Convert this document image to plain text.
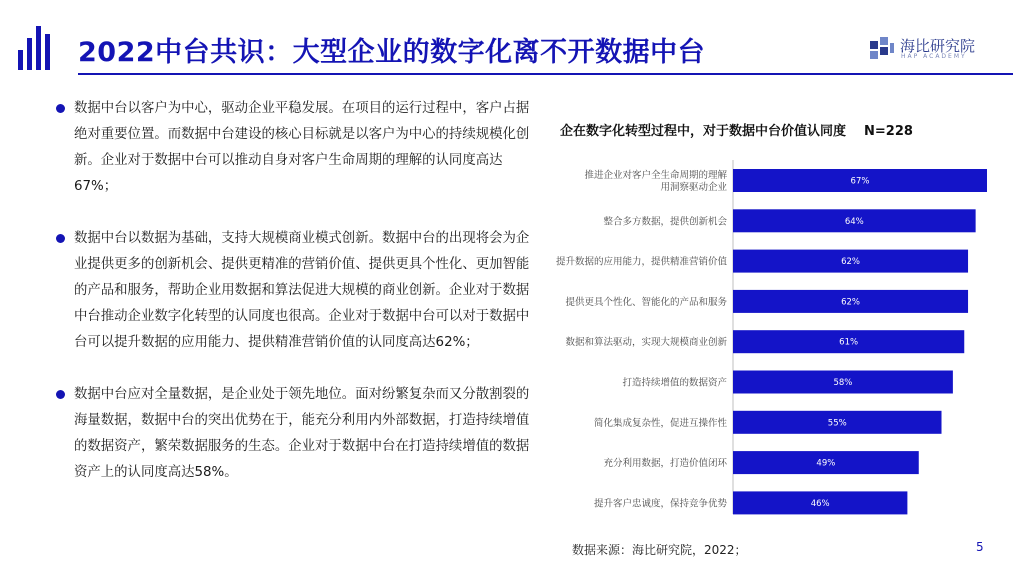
2022中台共识：大型企业的数字化离不开数据中台	海比研究院
HAP ACADEMY
数据中台以客户为中心，驱动企业平稳发展。在项目的运行过程中，客户占据绝对重要位置。而数据中台建设的核心目标就是以客户为中心的持续规模化创新。企业对于数据中台可以推动自身对客户生命周期的理解的认同度高达67%；
数据中台以数据为基础，支持大规模商业模式创新。数据中台的出现将会为企业提供更多的创新机会、提供更精准的营销价值、提供更具个性化、更加智能的产品和服务，帮助企业用数据和算法促进大规模的商业创新。企业对于数据中台推动企业数字化转型的认同度也很高。企业对于数据中台可以对于数据中台可以提升数据的应用能力、提供精准营销价值的认同度高达62%；
数据中台应对全量数据，是企业处于领先地位。面对纷繁复杂而又分散割裂的海量数据，数据中台的突出优势在于，能充分利用内外部数据，打造持续增值的数据资产，繁荣数据服务的生态。企业对于数据中台在打造持续增值的数据资产上的认同度高达58%。
企在数字化转型过程中，对于数据中台价值认同度 N=228
67%
推进企业对客户全生命周期的理解用洞察驱动企业
64%
整合多方数据，提供创新机会
62%
提升数据的应用能力，提供精准营销价值
62%
提供更具个性化、智能化的产品和服务
61%
数据和算法驱动，实现大规模商业创新
58%
打造持续增值的数据资产
55%
简化集成复杂性，促进互操作性
49%
充分利用数据，打造价值闭环
46%
提升客户忠诚度，保持竞争优势
数据来源：海比研究院，2022；	5
